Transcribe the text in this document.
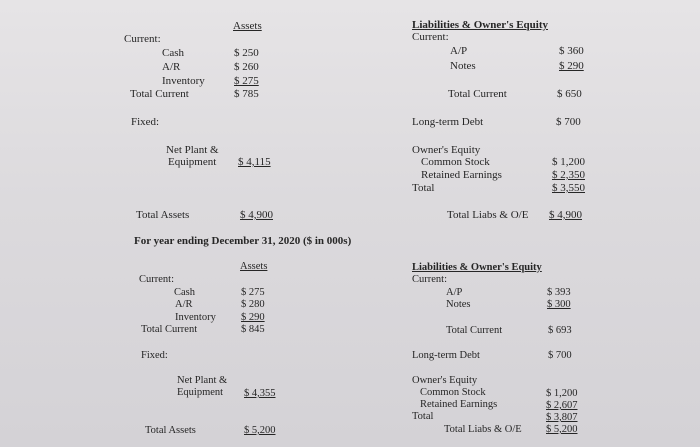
Assets
Current:
Cash	$ 250
A/R	$ 260
Inventory	$ 275
Total Current	$ 785
Fixed:
Net Plant &
Equipment $ 4,115
Total Assets	$ 4,900
Liabilities & Owner's Equity
Current:
A/P	$ 360
Notes	$ 290
Total Current	$ 650
Long-term Debt	$ 700
Owner's Equity
Common Stock	$ 1,200
Retained Earnings	$ 2,350
Total	$ 3,550
Total Liabs & O/E $ 4,900
For year ending December 31, 2020 ($ in 000s)
Assets
Current:
Cash	$ 275
A/R	$ 280
Inventory $ 290
Total Current	$ 845
Fixed:
Net Plant &
Equipment $ 4,355
Total Assets	$ 5,200
Liabilities & Owner's Equity
Current:
A/P	$ 393
Notes	$ 300
Total Current	$ 693
Long-term Debt	$ 700
Owner's Equity
Common Stock	$ 1,200
Retained Earnings	$ 2,607
Total	$ 3,807
Total Liabs & O/E $ 5,200
